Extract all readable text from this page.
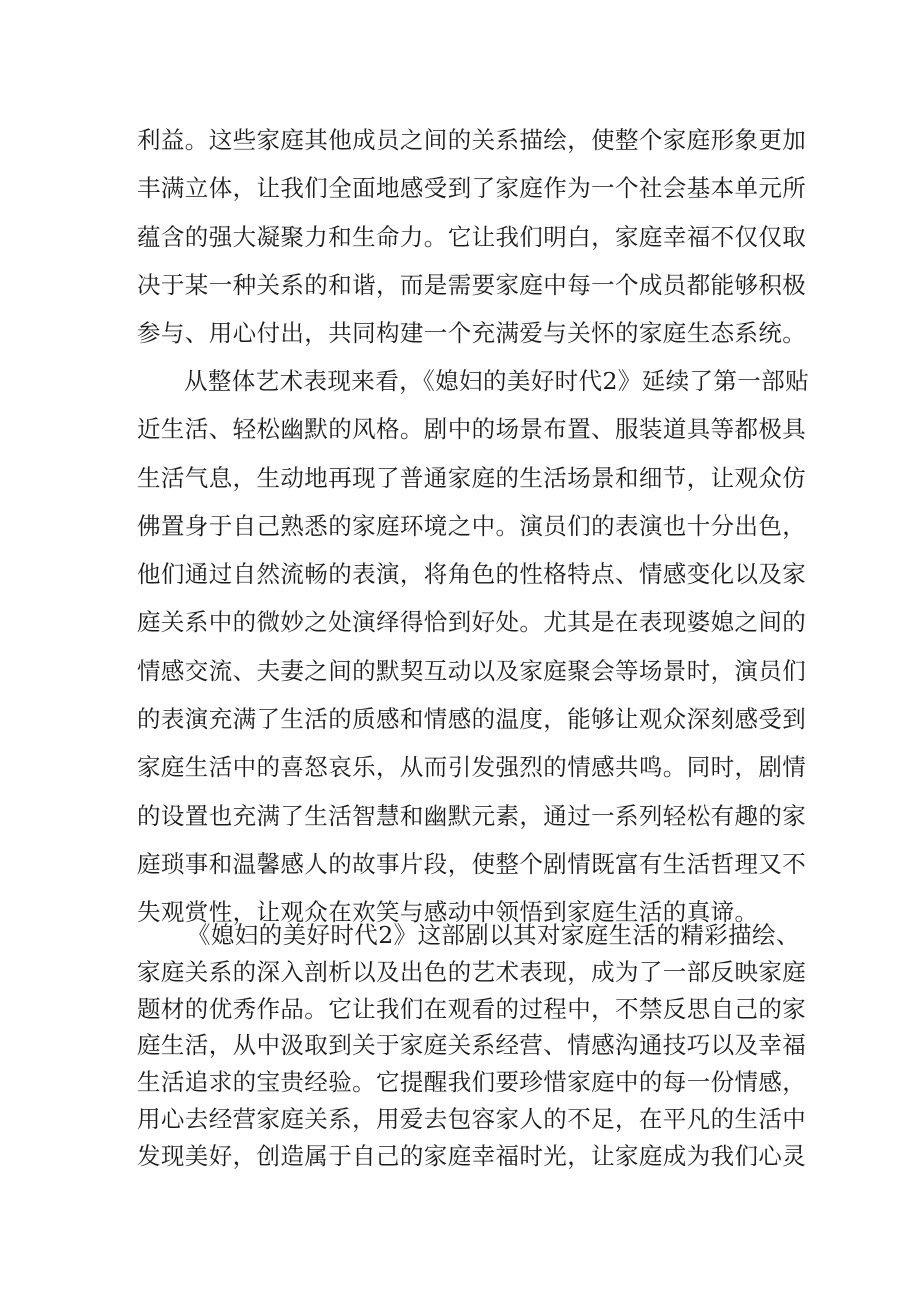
利益。这些家庭其他成员之间的关系描绘，使整个家庭形象更加
丰满立体，让我们全面地感受到了家庭作为一个社会基本单元所
蕴含的强大凝聚力和生命力。它让我们明白，家庭幸福不仅仅取
决于某一种关系的和谐，而是需要家庭中每一个成员都能够积极
参与、用心付出，共同构建一个充满爱与关怀的家庭生态系统。
从整体艺术表现来看，《媳妇的美好时代2》延续了第一部贴
近生活、轻松幽默的风格。剧中的场景布置、服装道具等都极具
生活气息，生动地再现了普通家庭的生活场景和细节，让观众仿
佛置身于自己熟悉的家庭环境之中。演员们的表演也十分出色，
他们通过自然流畅的表演，将角色的性格特点、情感变化以及家
庭关系中的微妙之处演绎得恰到好处。尤其是在表现婆媳之间的
情感交流、夫妻之间的默契互动以及家庭聚会等场景时，演员们
的表演充满了生活的质感和情感的温度，能够让观众深刻感受到
家庭生活中的喜怒哀乐，从而引发强烈的情感共鸣。同时，剧情
的设置也充满了生活智慧和幽默元素，通过一系列轻松有趣的家
庭琐事和温馨感人的故事片段，使整个剧情既富有生活哲理又不
失观赏性，让观众在欢笑与感动中领悟到家庭生活的真谛。
《媳妇的美好时代2》这部剧以其对家庭生活的精彩描绘、
家庭关系的深入剖析以及出色的艺术表现，成为了一部反映家庭
题材的优秀作品。它让我们在观看的过程中，不禁反思自己的家
庭生活，从中汲取到关于家庭关系经营、情感沟通技巧以及幸福
生活追求的宝贵经验。它提醒我们要珍惜家庭中的每一份情感，
用心去经营家庭关系，用爱去包容家人的不足，在平凡的生活中
发现美好，创造属于自己的家庭幸福时光，让家庭成为我们心灵
